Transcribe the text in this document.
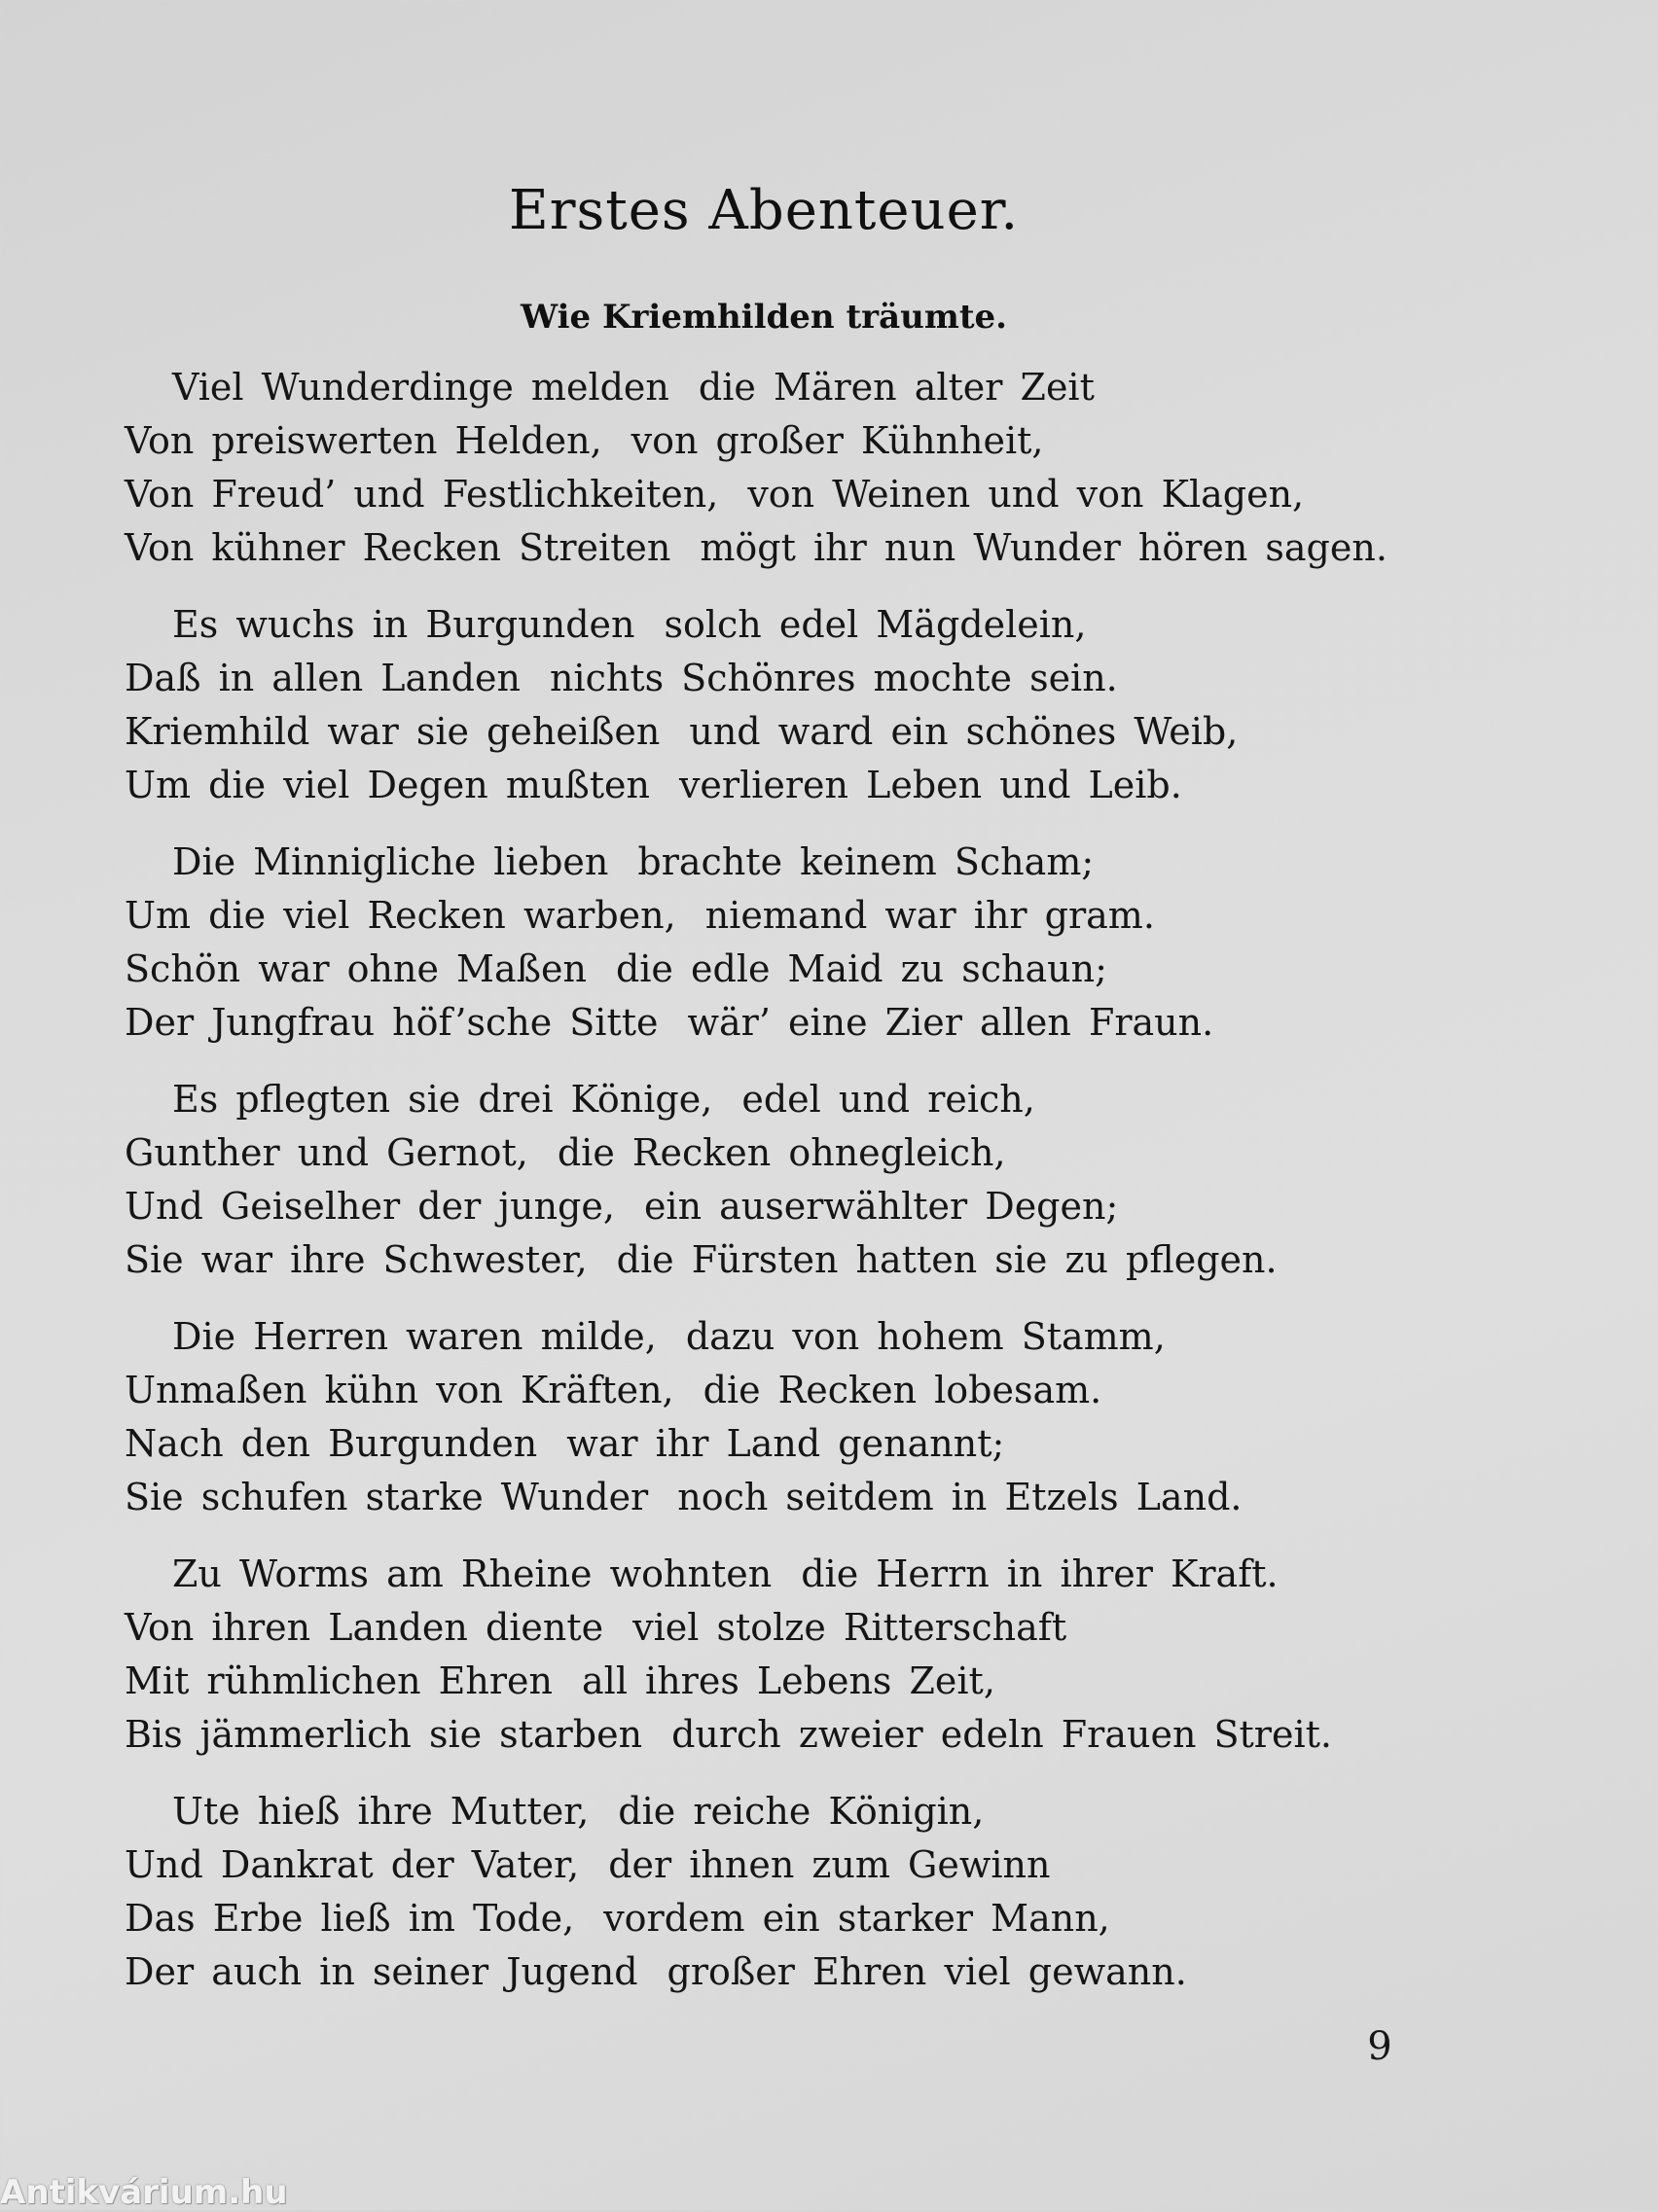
Erstes Abenteuer.
Wie Kriemhilden träumte.
Viel Wunderdinge melden die Mären alter Zeit
Von preiswerten Helden, von großer Kühnheit,
Von Freud’ und Festlichkeiten, von Weinen und von Klagen,
Von kühner Recken Streiten mögt ihr nun Wunder hören sagen.
Es wuchs in Burgunden solch edel Mägdelein,
Daß in allen Landen nichts Schönres mochte sein.
Kriemhild war sie geheißen und ward ein schönes Weib,
Um die viel Degen mußten verlieren Leben und Leib.
Die Minnigliche lieben brachte keinem Scham;
Um die viel Recken warben, niemand war ihr gram.
Schön war ohne Maßen die edle Maid zu schaun;
Der Jungfrau höf’sche Sitte wär’ eine Zier allen Fraun.
Es pflegten sie drei Könige, edel und reich,
Gunther und Gernot, die Recken ohnegleich,
Und Geiselher der junge, ein auserwählter Degen;
Sie war ihre Schwester, die Fürsten hatten sie zu pflegen.
Die Herren waren milde, dazu von hohem Stamm,
Unmaßen kühn von Kräften, die Recken lobesam.
Nach den Burgunden war ihr Land genannt;
Sie schufen starke Wunder noch seitdem in Etzels Land.
Zu Worms am Rheine wohnten die Herrn in ihrer Kraft.
Von ihren Landen diente viel stolze Ritterschaft
Mit rühmlichen Ehren all ihres Lebens Zeit,
Bis jämmerlich sie starben durch zweier edeln Frauen Streit.
Ute hieß ihre Mutter, die reiche Königin,
Und Dankrat der Vater, der ihnen zum Gewinn
Das Erbe ließ im Tode, vordem ein starker Mann,
Der auch in seiner Jugend großer Ehren viel gewann.
9
Antikvárium.hu
